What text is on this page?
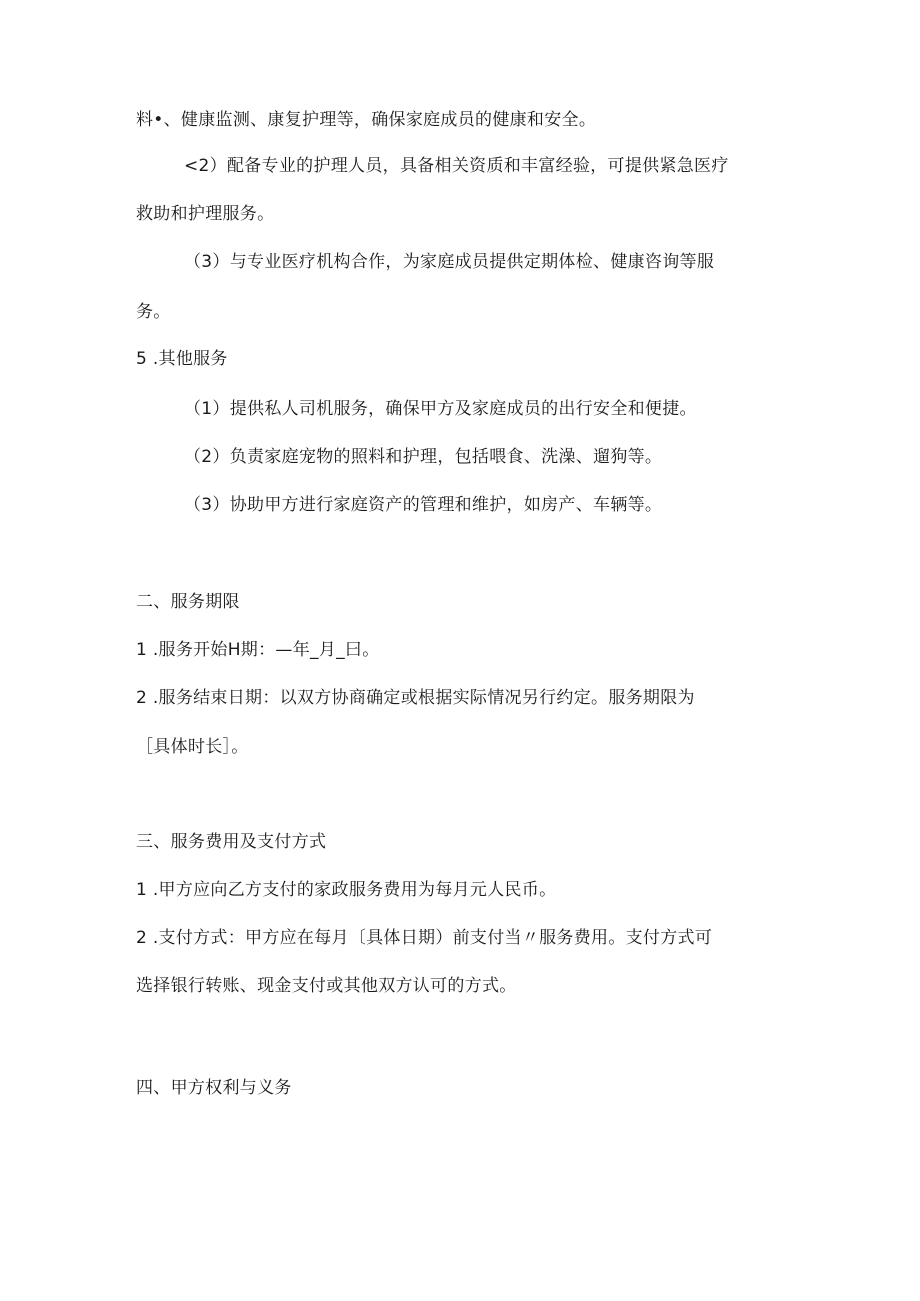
料•、健康监测、康复护理等，确保家庭成员的健康和安全。
<2）配备专业的护理人员，具备相关资质和丰富经验，可提供紧急医疗
救助和护理服务。
（3）与专业医疗机构合作，为家庭成员提供定期体检、健康咨询等服
务。
5 .其他服务
（1）提供私人司机服务，确保甲方及家庭成员的出行安全和便捷。
（2）负责家庭宠物的照料和护理，包括喂食、洗澡、遛狗等。
（3）协助甲方进行家庭资产的管理和维护，如房产、车辆等。
二、服务期限
1 .服务开始H期：—年_月_曰。
2 .服务结束日期：以双方协商确定或根据实际情况另行约定。服务期限为
［具体时长］。
三、服务费用及支付方式
1 .甲方应向乙方支付的家政服务费用为每月元人民币。
2 .支付方式：甲方应在每月〔具体日期）前支付当〃服务费用。支付方式可
选择银行转账、现金支付或其他双方认可的方式。
四、甲方权利与义务
